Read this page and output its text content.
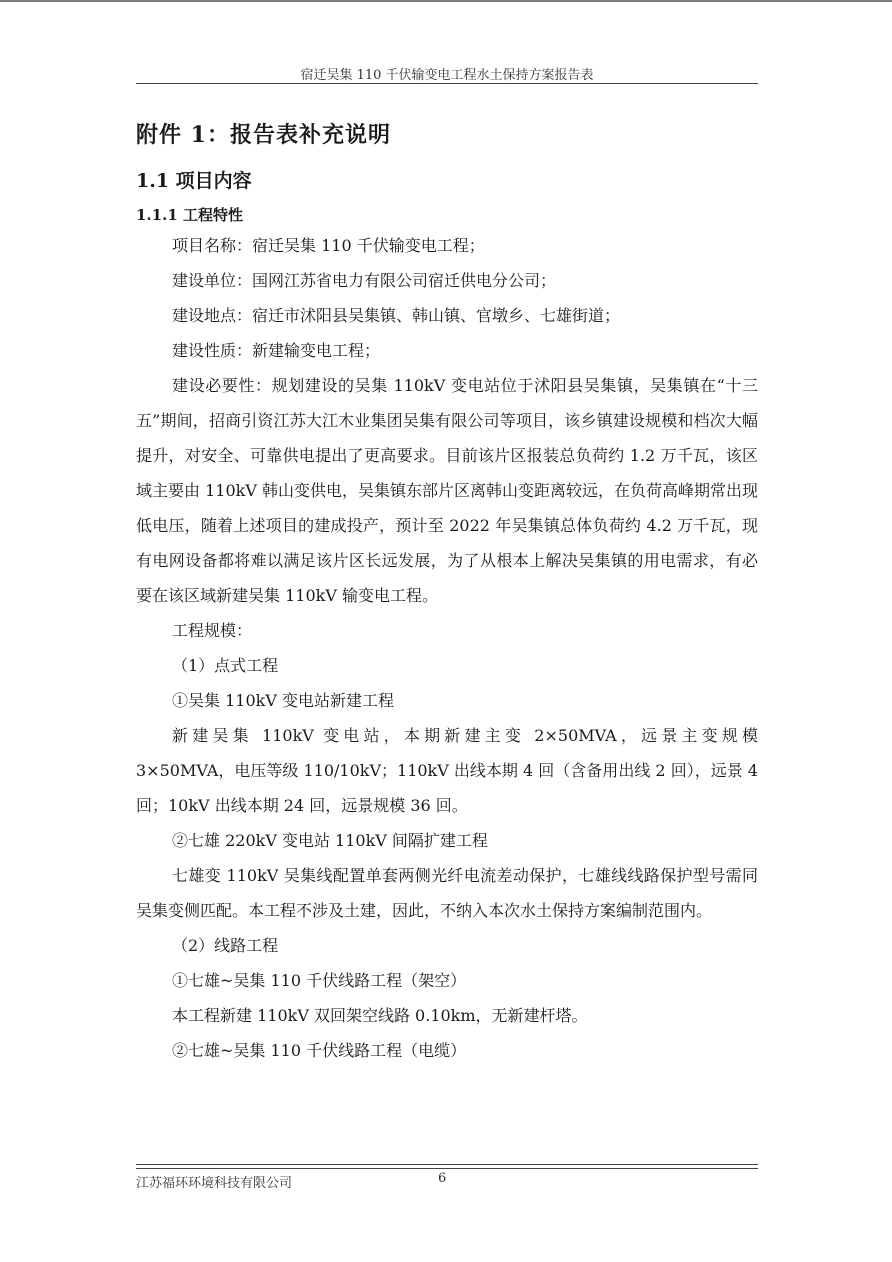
宿迁吴集 110 千伏输变电工程水土保持方案报告表
附件 1：报告表补充说明
1.1 项目内容
1.1.1 工程特性

项目名称：宿迁吴集 110 千伏输变电工程；

建设单位：国网江苏省电力有限公司宿迁供电分公司；

建设地点：宿迁市沭阳县吴集镇、韩山镇、官墩乡、七雄街道；

建设性质：新建输变电工程；

建设必要性：规划建设的吴集 110kV 变电站位于沭阳县吴集镇，吴集镇在“十三五”期间，招商引资江苏大江木业集团吴集有限公司等项目，该乡镇建设规模和档次大幅提升，对安全、可靠供电提出了更高要求。目前该片区报装总负荷约 1.2 万千瓦，该区域主要由 110kV 韩山变供电，吴集镇东部片区离韩山变距离较远，在负荷高峰期常出现低电压，随着上述项目的建成投产，预计至 2022 年吴集镇总体负荷约 4.2 万千瓦，现有电网设备都将难以满足该片区长远发展，为了从根本上解决吴集镇的用电需求，有必要在该区域新建吴集 110kV 输变电工程。

工程规模：

（1）点式工程

①吴集 110kV 变电站新建工程

新建吴集 110kV 变电站，本期新建主变 2×50MVA，远景主变规模 3×50MVA，电压等级 110/10kV；110kV 出线本期 4 回（含备用出线 2 回），远景 4 回；10kV 出线本期 24 回，远景规模 36 回。

②七雄 220kV 变电站 110kV 间隔扩建工程

七雄变 110kV 吴集线配置单套两侧光纤电流差动保护，七雄线线路保护型号需同吴集变侧匹配。本工程不涉及土建，因此，不纳入本次水土保持方案编制范围内。

（2）线路工程

①七雄~吴集 110 千伏线路工程（架空）

本工程新建 110kV 双回架空线路 0.10km，无新建杆塔。

②七雄~吴集 110 千伏线路工程（电缆）

江苏福环环境科技有限公司	6
